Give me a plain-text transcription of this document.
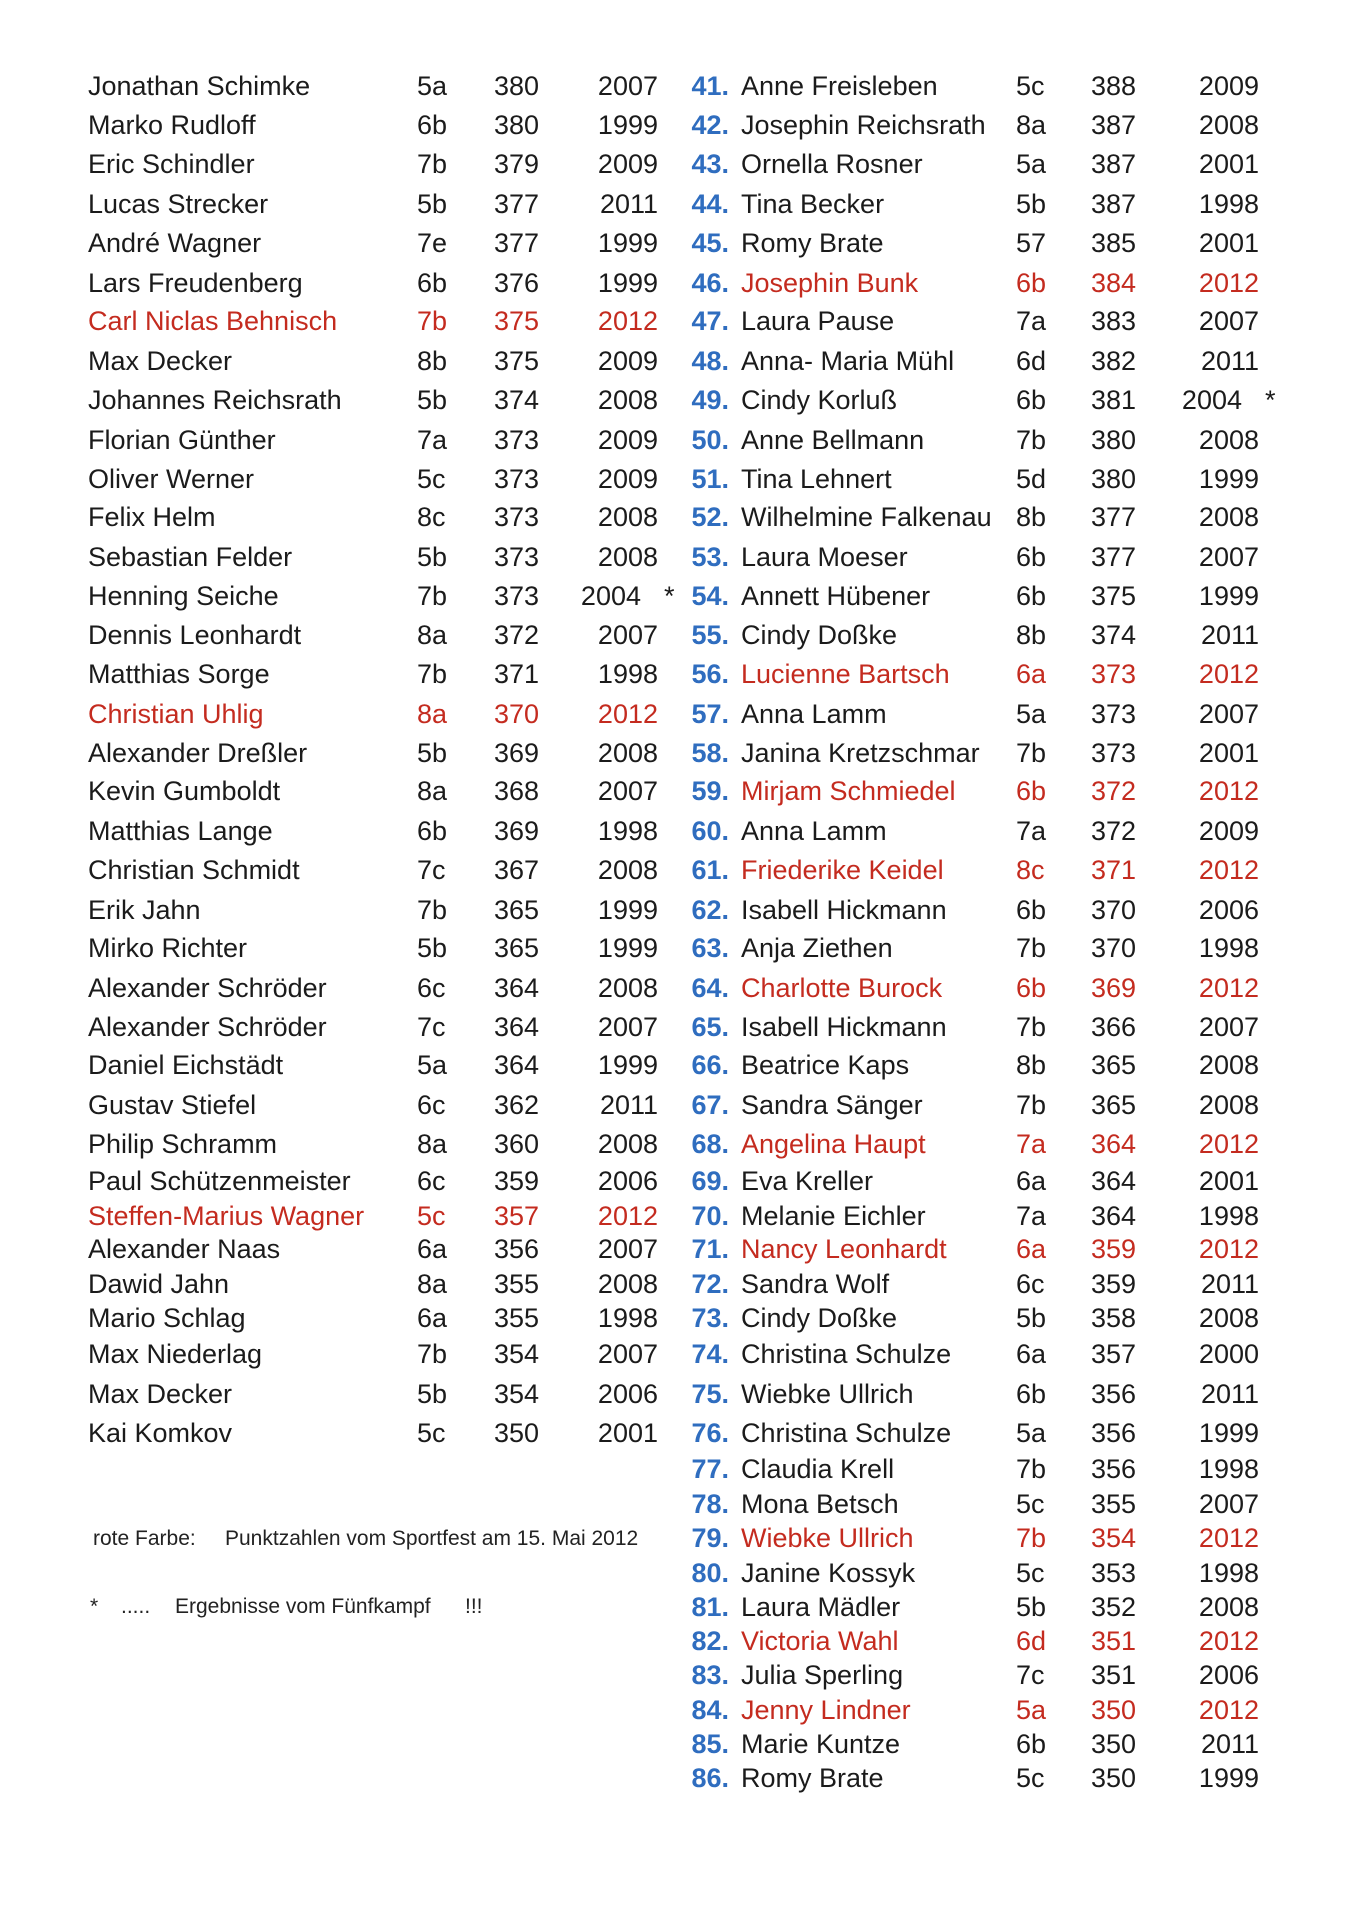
Jonathan Schimke	5a 380 2007
Marko Rudloff	6b 380 1999
Eric Schindler	7b 379 2009
Lucas Strecker	5b 377 2011
André Wagner	7e 377 1999
Lars Freudenberg	6b 376 1999
Carl Niclas Behnisch	7b 375 2012
Max Decker	8b 375 2009
Johannes Reichsrath	5b 374 2008
Florian Günther	7a 373 2009
Oliver Werner	5c 373 2009
Felix Helm	8c 373 2008
Sebastian Felder	5b 373 2008
Henning Seiche	7b 373 2004 *
Dennis Leonhardt	8a 372 2007
Matthias Sorge	7b 371 1998
Christian Uhlig	8a 370 2012
Alexander Dreßler	5b 369 2008
Kevin Gumboldt	8a 368 2007
Matthias Lange	6b 369 1998
Christian Schmidt	7c 367 2008
Erik Jahn	7b 365 1999
Mirko Richter	5b 365 1999
Alexander Schröder	6c 364 2008
Alexander Schröder	7c 364 2007
Daniel Eichstädt	5a 364 1999
Gustav Stiefel	6c 362 2011
Philip Schramm	8a 360 2008
Paul Schützenmeister 6c 359 2006
Steffen-Marius Wagner 5c 357 2012
Alexander Naas	6a 356 2007
Dawid Jahn	8a 355 2008
Mario Schlag	6a 355 1998
Max Niederlag	7b 354 2007
Max Decker	5b 354 2006
Kai Komkov	5c 350 2001
41. Anne Freisleben	5c 388 2009
42. Josephin Reichsrath 8a 387 2008
43. Ornella Rosner	5a 387 2001
44. Tina Becker	5b 387 1998
45. Romy Brate	57 385 2001
46. Josephin Bunk	6b 384 2012
47. Laura Pause	7a 383 2007
48. Anna- Maria Mühl 6d 382 2011
49. Cindy Korluß	6b 381 2004 *
50. Anne Bellmann	7b 380 2008
51. Tina Lehnert	5d 380 1999
52. Wilhelmine Falkenau 8b 377 2008
53. Laura Moeser	6b 377 2007
54. Annett Hübener	6b 375 1999
55. Cindy Doßke	8b 374 2011
56. Lucienne Bartsch 6a 373 2012
57. Anna Lamm	5a 373 2007
58. Janina Kretzschmar 7b 373 2001
59. Mirjam Schmiedel 6b 372 2012
60. Anna Lamm	7a 372 2009
61. Friederike Keidel	8c 371 2012
62. Isabell Hickmann	6b 370 2006
63. Anja Ziethen	7b 370 1998
64. Charlotte Burock	6b 369 2012
65. Isabell Hickmann	7b 366 2007
66. Beatrice Kaps	8b 365 2008
67. Sandra Sänger	7b 365 2008
68. Angelina Haupt	7a 364 2012
69. Eva Kreller	6a 364 2001
70. Melanie Eichler	7a 364 1998
71. Nancy Leonhardt	6a 359 2012
72. Sandra Wolf	6c 359 2011
73. Cindy Doßke	5b 358 2008
74. Christina Schulze 6a 357 2000
75. Wiebke Ullrich	6b 356 2011
76. Christina Schulze 5a 356 1999
77. Claudia Krell	7b 356 1998
78. Mona Betsch	5c 355 2007
79. Wiebke Ullrich	7b 354 2012
80. Janine Kossyk	5c 353 1998
81. Laura Mädler	5b 352 2008
82. Victoria Wahl	6d 351 2012
83. Julia Sperling	7c 351 2006
84. Jenny Lindner	5a 350 2012
85. Marie Kuntze	6b 350 2011
86. Romy Brate	5c 350 1999
rote Farbe: Punktzahlen vom Sportfest am 15. Mai 2012
* ..... Ergebnisse vom Fünfkampf !!!
